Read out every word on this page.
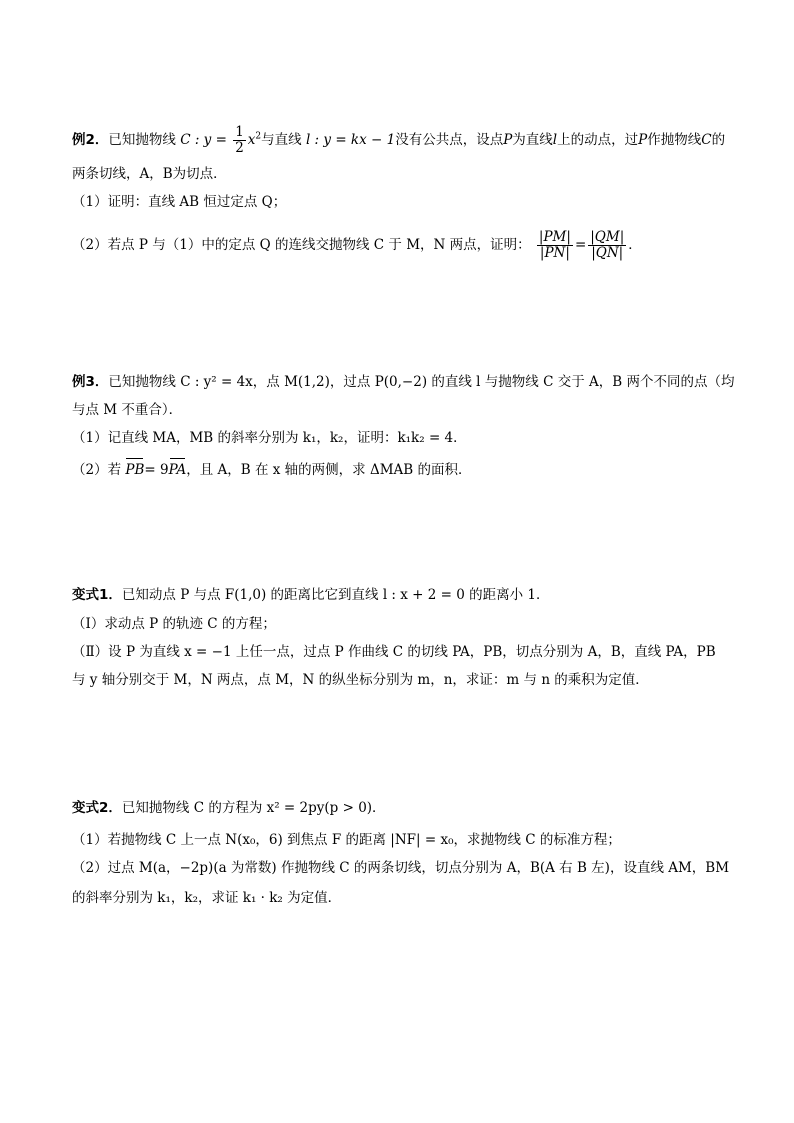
例2．已知抛物线 C : $y = \frac{1}{2} x^2$与直线 l : y = kx − 1没有公共点，设点P为直线l上的动点，过P作抛物线C的
两条切线，A，B为切点．
（1）证明：直线 AB 恒过定点 Q；
（2）若点 P 与（1）中的定点 Q 的连线交抛物线 C 于 M，N 两点，证明： $\frac{|PM|}{|PN|} = \frac{|QM|}{|QN|}$ ．
例3．已知抛物线 C : y² = 4x，点 M(1,2)，过点 P(0,−2) 的直线 l 与抛物线 C 交于 A，B 两个不同的点（均
与点 M 不重合）．
（1）记直线 MA，MB 的斜率分别为 k₁，k₂，证明：k₁k₂ = 4．
（2）若 PB= 9PA，且 A，B 在 x 轴的两侧，求 ΔMAB 的面积．
变式1．已知动点 P 与点 F(1,0) 的距离比它到直线 l : x + 2 = 0 的距离小 1．
（Ⅰ）求动点 P 的轨迹 C 的方程；
（Ⅱ）设 P 为直线 x = −1 上任一点，过点 P 作曲线 C 的切线 PA，PB，切点分别为 A，B，直线 PA，PB
与 y 轴分别交于 M，N 两点，点 M，N 的纵坐标分别为 m，n，求证：m 与 n 的乘积为定值．
变式2．已知抛物线 C 的方程为 x² = 2py(p > 0)．
（1）若抛物线 C 上一点 N(x₀，6) 到焦点 F 的距离 |NF| = x₀，求抛物线 C 的标准方程；
（2）过点 M(a，−2p)(a 为常数) 作抛物线 C 的两条切线，切点分别为 A，B(A 右 B 左)，设直线 AM，BM
的斜率分别为 k₁，k₂，求证 k₁ · k₂ 为定值．
